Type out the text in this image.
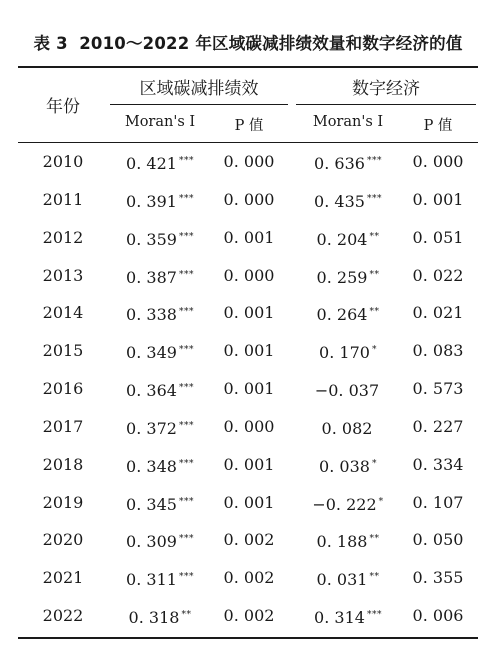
表 3 2010～2022 年区域碳减排绩效量和数字经济的值
年份
区域碳减排绩效	数字经济
Moran's I	P 值	Moran's I	P 值
2010	0. 421 ***	0. 000	0. 636 ***	0. 000
2011	0. 391 ***	0. 000	0. 435 ***	0. 001
2012	0. 359 ***	0. 001	0. 204 **	0. 051
2013	0. 387 ***	0. 000	0. 259 **	0. 022
2014	0. 338 ***	0. 001	0. 264 **	0. 021
2015	0. 349 ***	0. 001	0. 170 *	0. 083
2016	0. 364 ***	0. 001	−0. 037	0. 573
2017	0. 372 ***	0. 000	0. 082	0. 227
2018	0. 348 ***	0. 001	0. 038 *	0. 334
2019	0. 345 ***	0. 001	−0. 222 *	0. 107
2020	0. 309 ***	0. 002	0. 188 **	0. 050
2021	0. 311 ***	0. 002	0. 031 **	0. 355
2022	0. 318 **	0. 002	0. 314 ***	0. 006
